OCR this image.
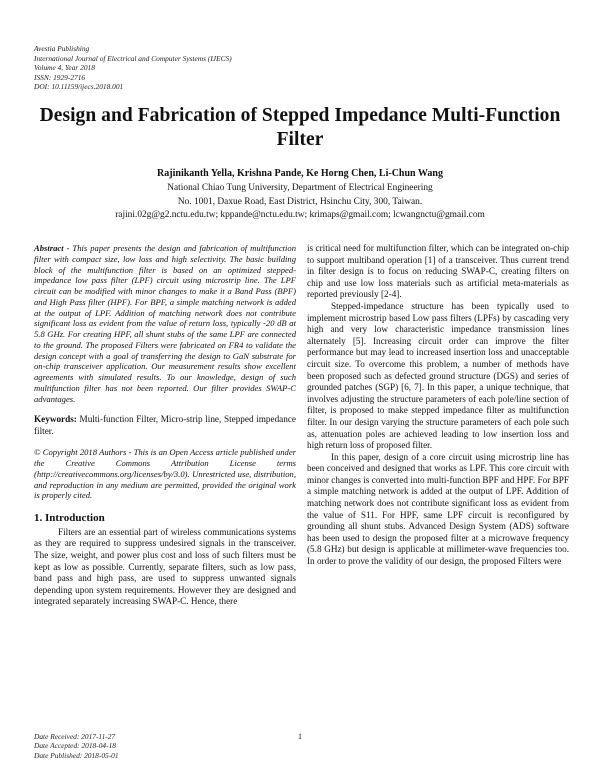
Avestia Publishing
International Journal of Electrical and Computer Systems (IJECS)
Volume 4, Year 2018
ISSN: 1929-2716
DOI: 10.11159/ijecs.2018.001
Design and Fabrication of Stepped Impedance Multi-Function Filter
Rajinikanth Yella, Krishna Pande, Ke Horng Chen, Li-Chun Wang
National Chiao Tung University, Department of Electrical Engineering
No. 1001, Daxue Road, East District, Hsinchu City, 300, Taiwan.
rajini.02g@g2.nctu.edu.tw; kppande@nctu.edu.tw; krimaps@gmail.com; lcwangnctu@gmail.com

Abstract - This paper presents the design and fabrication of multifunction filter with compact size, low loss and high selectivity. The basic building block of the multifunction filter is based on an optimized stepped-impedance low pass filter (LPF) circuit using microstrip line. The LPF circuit can be modified with minor changes to make it a Band Pass (BPF) and High Pass filter (HPF). For BPF, a simple matching network is added at the output of LPF. Addition of matching network does not contribute significant loss as evident from the value of return loss, typically -20 dB at 5.8 GHz. For creating HPF, all shunt stubs of the same LPF are connected to the ground. The proposed Filters were fabricated on FR4 to validate the design concept with a goal of transferring the design to GaN substrate for on-chip transceiver application. Our measurement results show excellent agreements with simulated results. To our knowledge, design of such multifunction filter has not been reported. Our filter provides SWAP-C advantages.

Keywords: Multi-function Filter, Micro-strip line, Stepped impedance filter.

© Copyright 2018 Authors - This is an Open Access article published under the Creative Commons Attribution License terms (http://creativecommons.org/licenses/by/3.0). Unrestricted use, distribution, and reproduction in any medium are permitted, provided the original work is properly cited.

1. Introduction

Filters are an essential part of wireless communications systems as they are required to suppress undesired signals in the transceiver. The size, weight, and power plus cost and loss of such filters must be kept as low as possible. Currently, separate filters, such as low pass, band pass and high pass, are used to suppress unwanted signals depending upon system requirements. However they are designed and integrated separately increasing SWAP-C. Hence, there

is critical need for multifunction filter, which can be integrated on-chip to support multiband operation [1] of a transceiver. Thus current trend in filter design is to focus on reducing SWAP-C, creating filters on chip and use low loss materials such as artificial meta-materials as reported previously [2-4].

Stepped-impedance structure has been typically used to implement microstrip based Low pass filters (LPFs) by cascading very high and very low characteristic impedance transmission lines alternately [5]. Increasing circuit order can improve the filter performance but may lead to increased insertion loss and unacceptable circuit size. To overcome this problem, a number of methods have been proposed such as defected ground structure (DGS) and series of grounded patches (SGP) [6, 7]. In this paper, a unique technique, that involves adjusting the structure parameters of each pole/line section of filter, is proposed to make stepped impedance filter as multifunction filter. In our design varying the structure parameters of each pole such as, attenuation poles are achieved leading to low insertion loss and high return loss of proposed filter.

In this paper, design of a core circuit using microstrip line has been conceived and designed that works as LPF. This core circuit with minor changes is converted into multi-function BPF and HPF. For BPF a simple matching network is added at the output of LPF. Addition of matching network does not contribute significant loss as evident from the value of S11. For HPF, same LPF circuit is reconfigured by grounding all shunt stubs. Advanced Design System (ADS) software has been used to design the proposed filter at a microwave frequency (5.8 GHz) but design is applicable at millimeter-wave frequencies too. In order to prove the validity of our design, the proposed Filters were

Date Received: 2017-11-27
Date Accepted: 2018-04-18
Date Published: 2018-05-01
1
